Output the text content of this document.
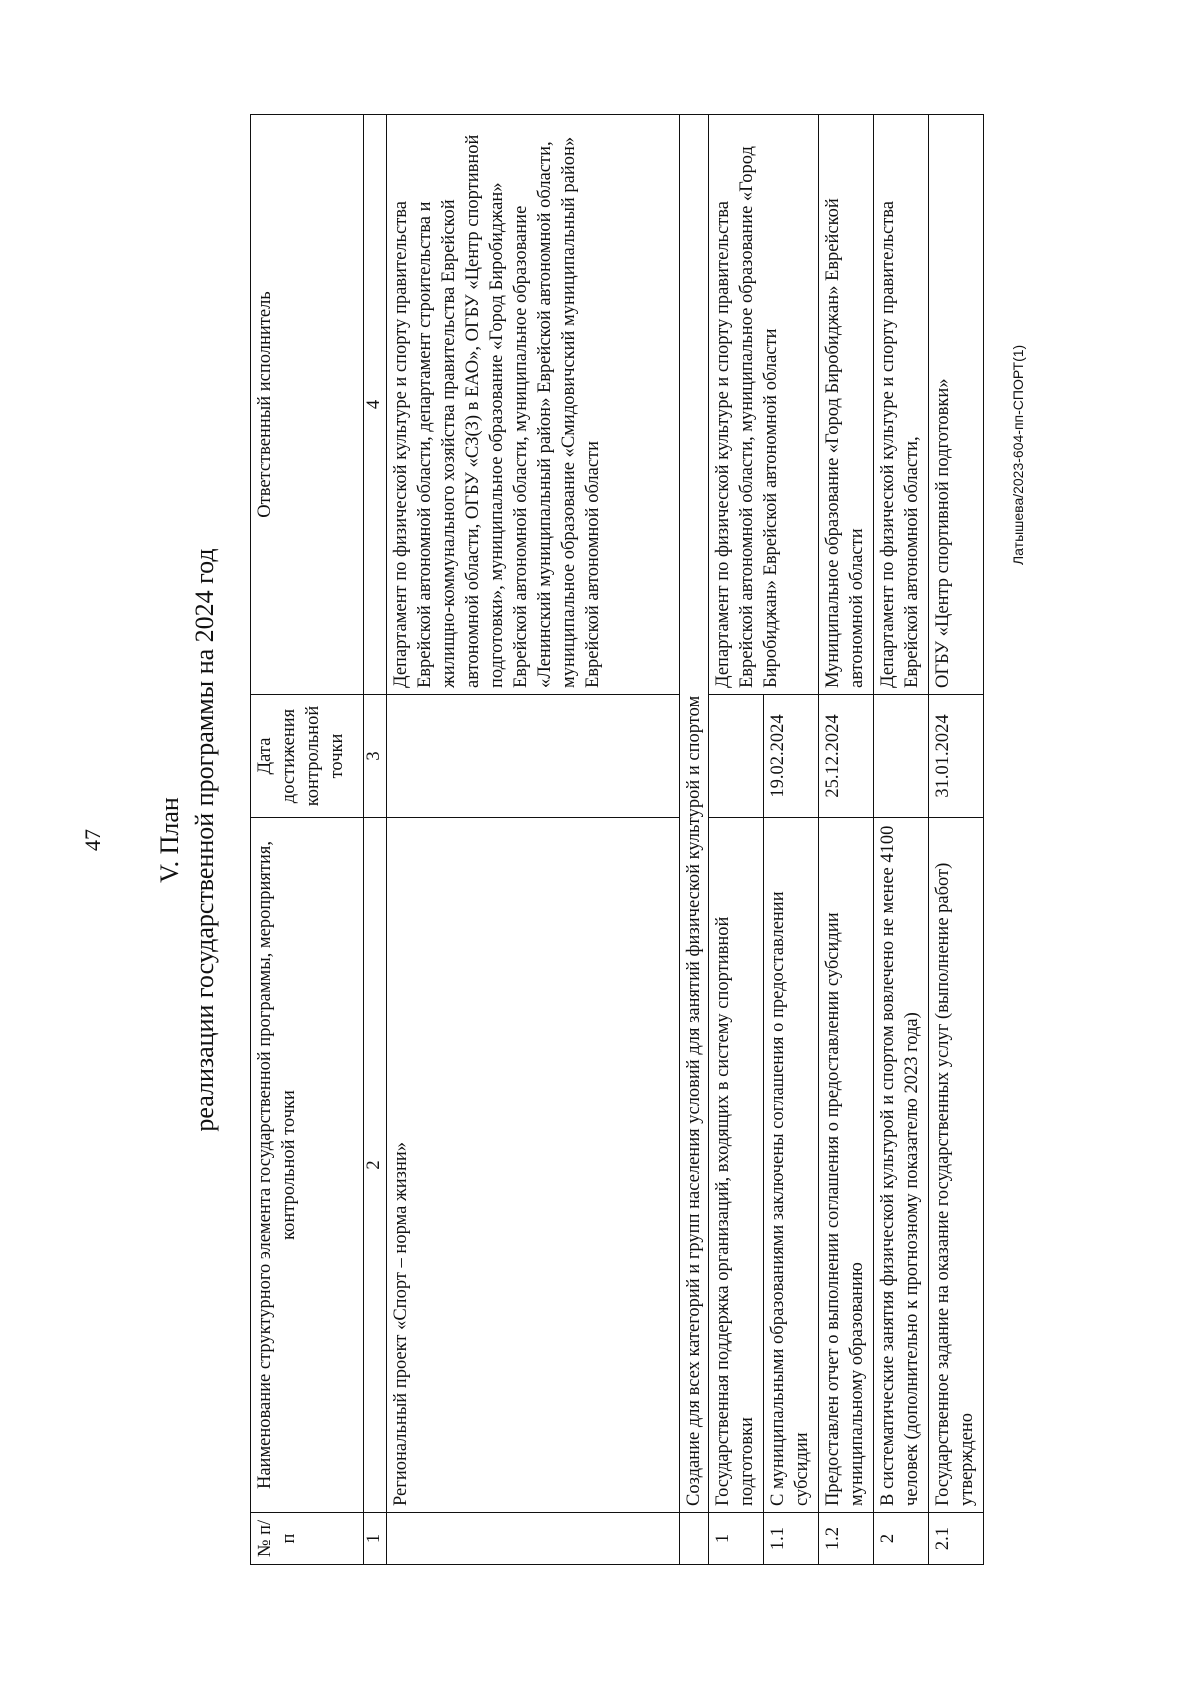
47 V. План реализации государственной программы на 2024 год
№ п/п	Наименование структурного элемента государственной программы, мероприятия, контрольной точки	Дата достижения контрольной точки	Ответственный исполнитель
1	2	3	4
	Региональный проект «Спорт – норма жизни»		Департамент по физической культуре и спорту правительства Еврейской автономной области, департамент строительства и жилищно-коммунального хозяйства правительства Еврейской автономной области, ОГБУ «СЗ(З) в ЕАО», ОГБУ «Центр спортивной подготовки», муниципальное образование «Город Биробиджан» Еврейской автономной области, муниципальное образование «Ленинский муниципальный район» Еврейской автономной области, муниципальное образование «Смидовичский муниципальный район» Еврейской автономной области
	Создание для всех категорий и групп населения условий для занятий физической культурой и спортом		
1	Государственная поддержка организаций, входящих в систему спортивной подготовки		Департамент по физической культуре и спорту правительства Еврейской автономной области, муниципальное образование «Город Биробиджан» Еврейской автономной области
1.1	С муниципальными образованиями заключены соглашения о предоставлении субсидии	19.02.2024	
1.2	Предоставлен отчет о выполнении соглашения о предоставлении субсидии муниципальному образованию	25.12.2024	Муниципальное образование «Город Биробиджан» Еврейской автономной области
2	В систематические занятия физической культурой и спортом вовлечено не менее 4100 человек (дополнительно к прогнозному показателю 2023 года)		Департамент по физической культуре и спорту правительства Еврейской автономной области,
2.1	Государственное задание на оказание государственных услуг (выполнение работ) утверждено	31.01.2024	ОГБУ «Центр спортивной подготовки»	Латышева/2023-604-пп-СПОРТ(1)
